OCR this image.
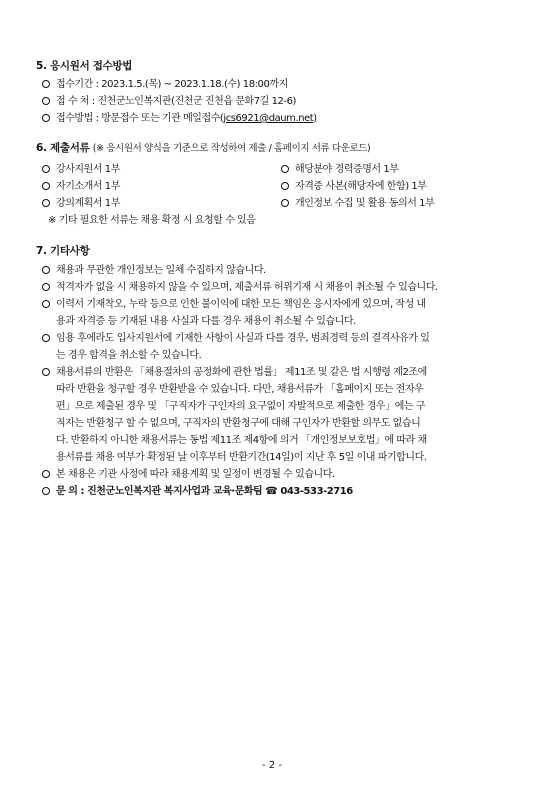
5. 응시원서 접수방법
접수기간 : 2023.1.5.(목) ~ 2023.1.18.(수) 18:00까지
접 수 처 : 진천군노인복지관(진천군 진천읍 문화7길 12-6)
접수방법 : 방문접수 또는 기관 메일접수(jcs6921@daum.net)
6. 제출서류 (※ 응시원서 양식을 기준으로 작성하여 제출 / 홈페이지 서류 다운로드)
강사지원서 1부
자기소개서 1부
강의계획서 1부
해당분야 경력증명서 1부
자격증 사본(해당자에 한함) 1부
개인정보 수집 및 활용 동의서 1부
※ 기타 필요한 서류는 채용 확정 시 요청할 수 있음
7. 기타사항
채용과 무관한 개인정보는 일체 수집하지 않습니다.
적격자가 없을 시 채용하지 않을 수 있으며, 제출서류 허위기재 시 채용이 취소될 수 있습니다.
이력서 기재착오, 누락 등으로 인한 불이익에 대한 모든 책임은 응시자에게 있으며, 작성 내
용과 자격증 등 기재된 내용 사실과 다를 경우 채용이 취소될 수 있습니다.
임용 후에라도 입사지원서에 기재한 사항이 사실과 다를 경우, 범죄경력 등의 결격사유가 있
는 경우 합격을 취소할 수 있습니다.
채용서류의 반환은 「채용절차의 공정화에 관한 법률」 제11조 및 같은 법 시행령 제2조에
따라 반환을 청구할 경우 반환받을 수 있습니다. 다만, 채용서류가 「홈페이지 또는 전자우
편」으로 제출된 경우 및 「구직자가 구인자의 요구없이 자발적으로 제출한 경우」에는 구
직자는 반환청구 할 수 없으며, 구직자의 반환청구에 대해 구인자가 반환할 의무도 없습니
다. 반환하지 아니한 채용서류는 동법 제11조 제4항에 의거 「개인정보보호법」에 따라 채
용서류를 채용 여부가 확정된 날 이후부터 반환기간(14일)이 지난 후 5일 이내 파기합니다.
본 채용은 기관 사정에 따라 채용계획 및 일정이 변경될 수 있습니다.
문 의 : 진천군노인복지관 복지사업과 교육·문화팀 ☎ 043-533-2716
- 2 -
